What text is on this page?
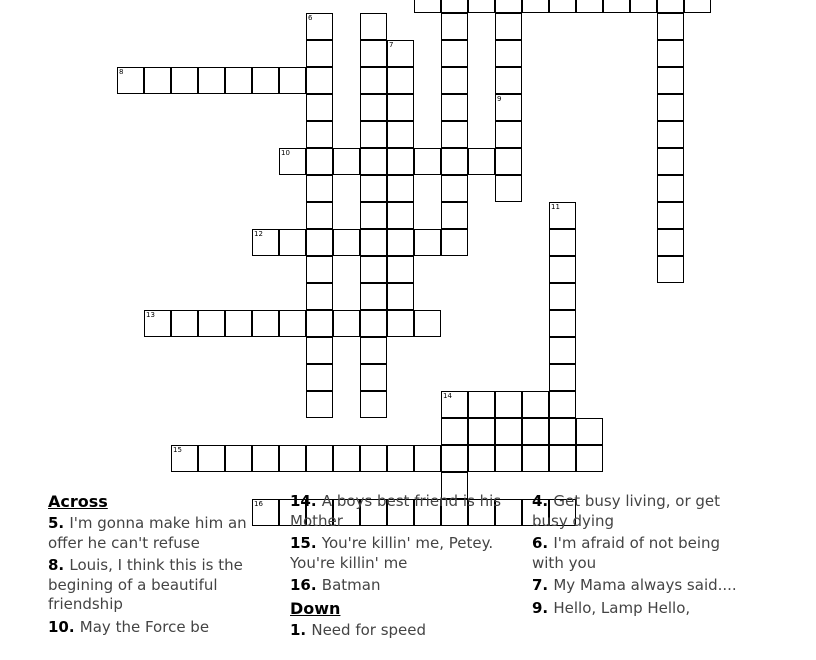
6
7
8
9
10
11
12
13
14
15
16
Across
5. I'm gonna make him an offer he can't refuse
8. Louis, I think this is the begining of a beautiful friendship
10. May the Force be
14. A boys best friend is his Mother
15. You're killin' me, Petey. You're killin' me
16. Batman
Down
1. Need for speed
4. Get busy living, or get busy dying
6. I'm afraid of not being with you
7. My Mama always said....
9. Hello, Lamp Hello,
